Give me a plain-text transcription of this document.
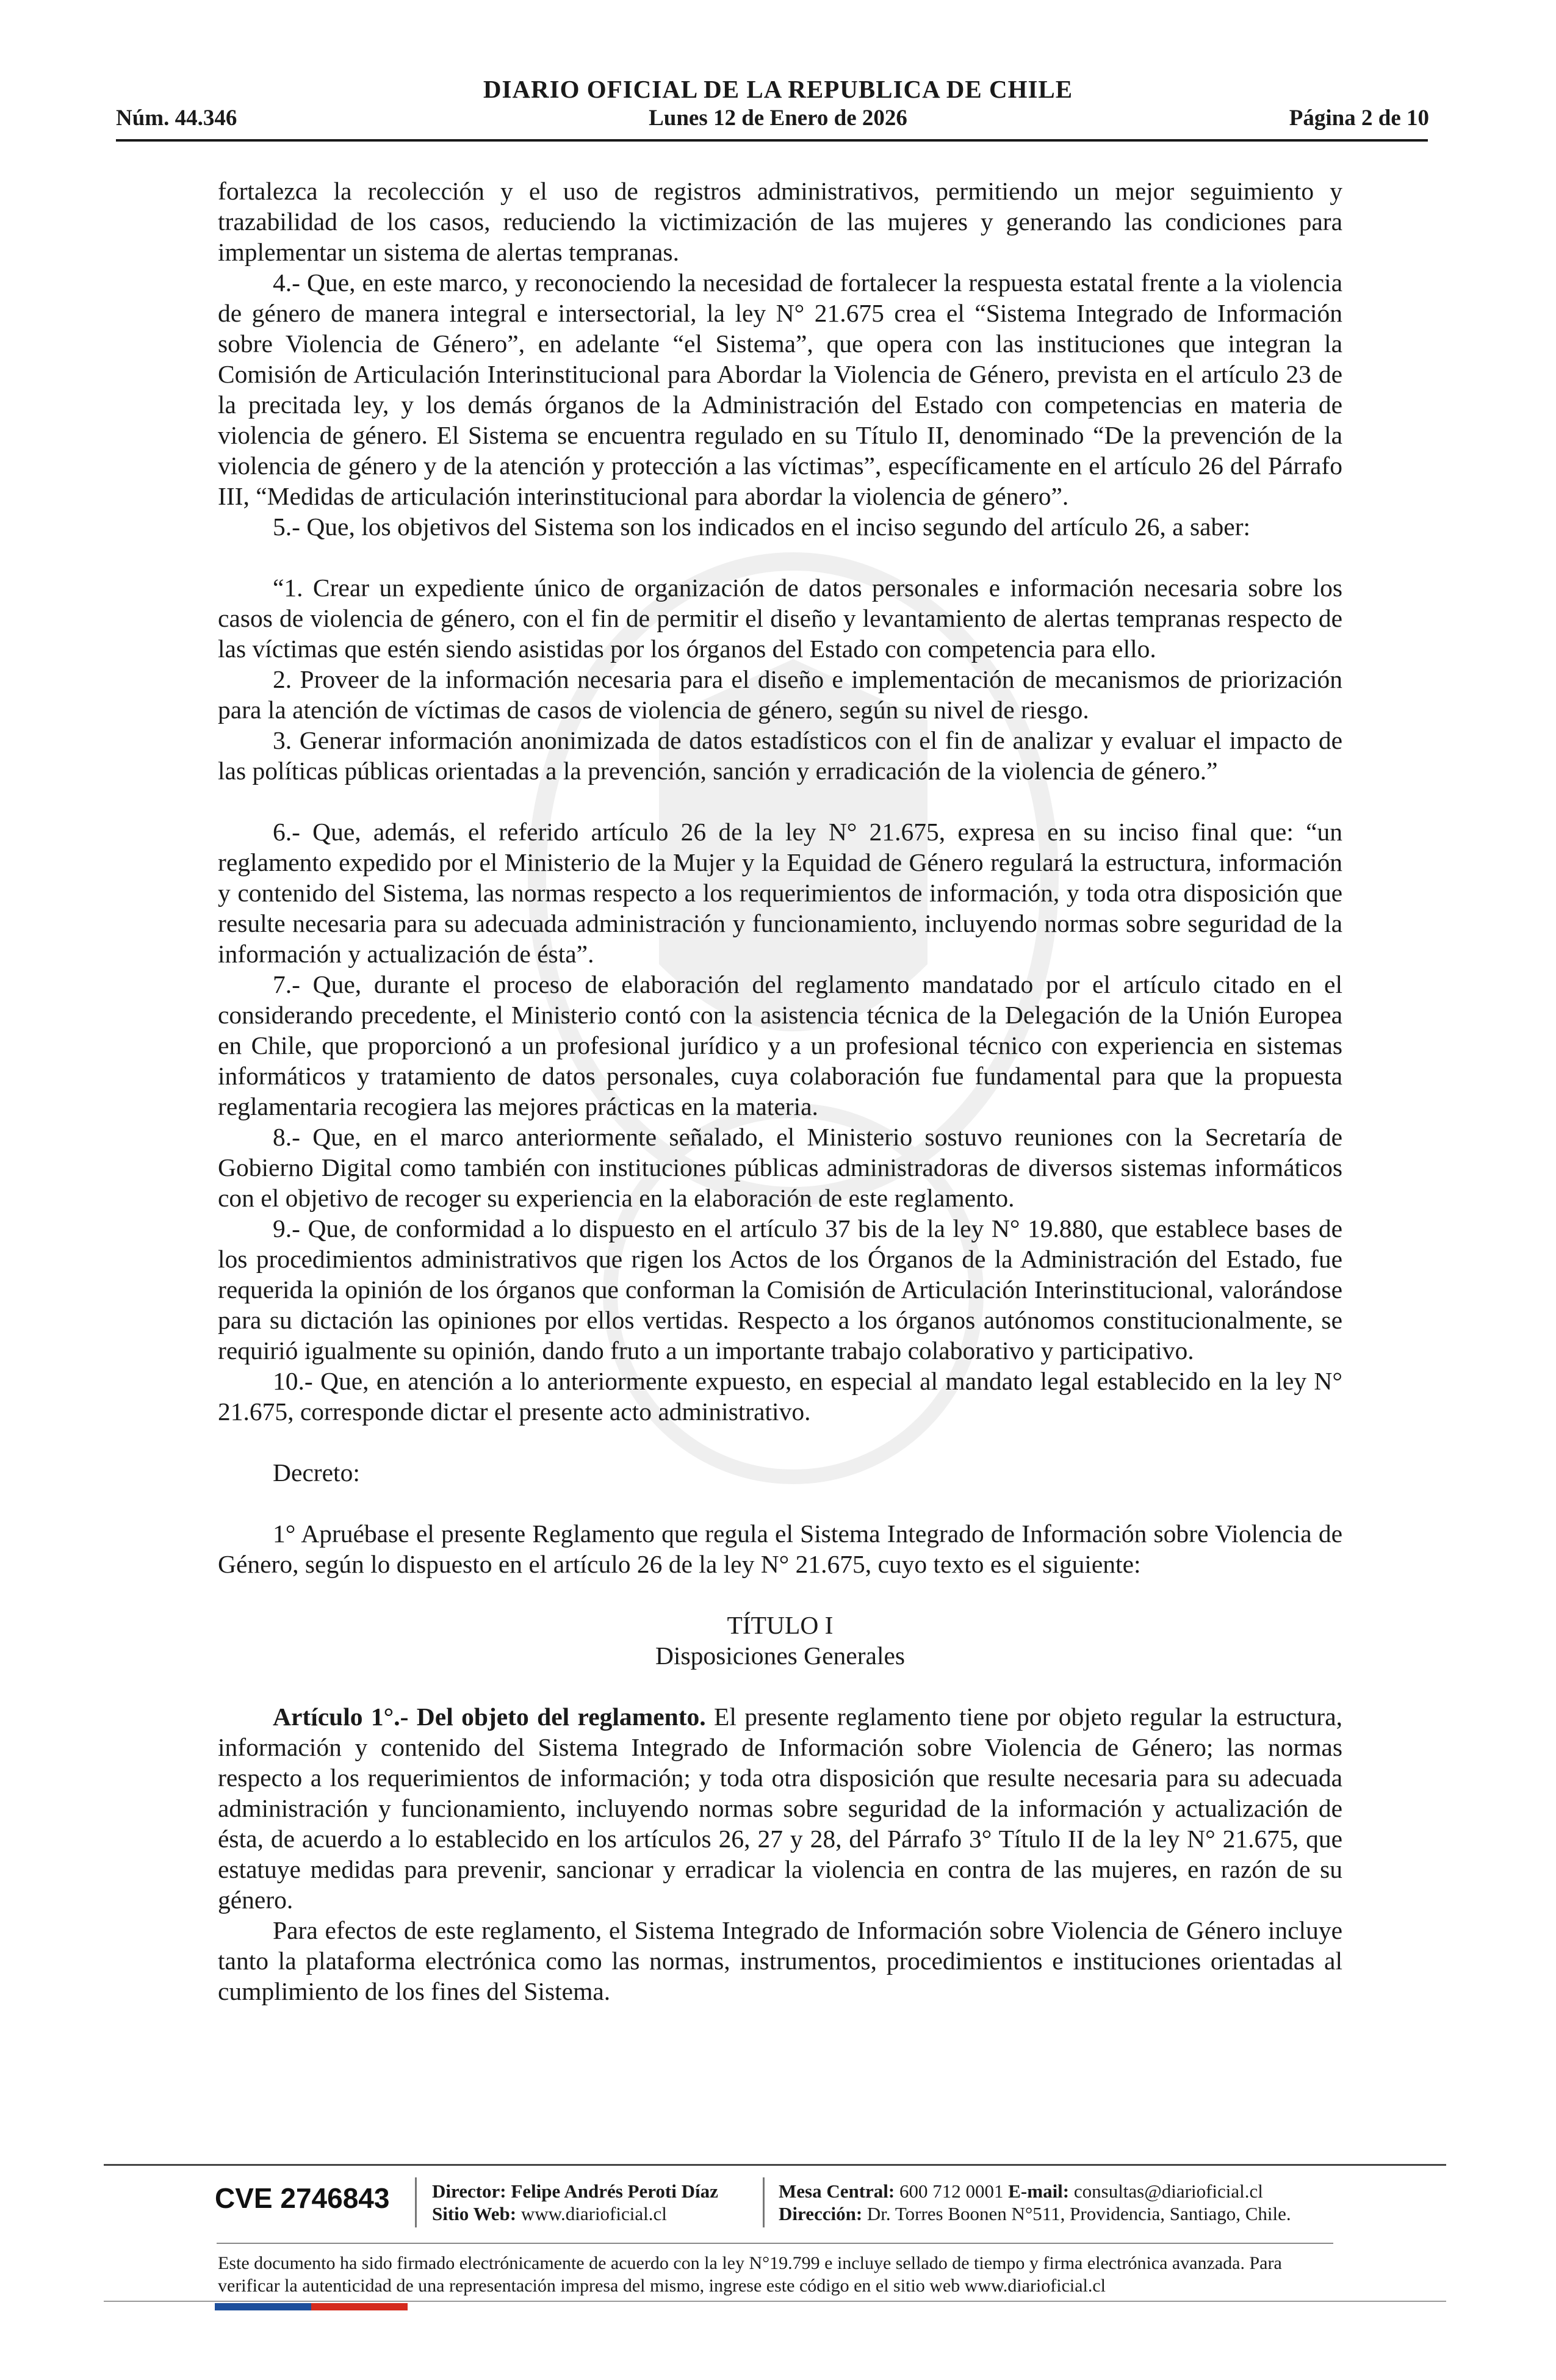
DIARIO OFICIAL DE LA REPUBLICA DE CHILE
Núm. 44.346	Lunes 12 de Enero de 2026	Página 2 de 10

fortalezca la recolección y el uso de registros administrativos, permitiendo un mejor seguimiento y trazabilidad de los casos, reduciendo la victimización de las mujeres y generando las condiciones para implementar un sistema de alertas tempranas.

4.- Que, en este marco, y reconociendo la necesidad de fortalecer la respuesta estatal frente a la violencia de género de manera integral e intersectorial, la ley N° 21.675 crea el “Sistema Integrado de Información sobre Violencia de Género”, en adelante “el Sistema”, que opera con las instituciones que integran la Comisión de Articulación Interinstitucional para Abordar la Violencia de Género, prevista en el artículo 23 de la precitada ley, y los demás órganos de la Administración del Estado con competencias en materia de violencia de género. El Sistema se encuentra regulado en su Título II, denominado “De la prevención de la violencia de género y de la atención y protección a las víctimas”, específicamente en el artículo 26 del Párrafo III, “Medidas de articulación interinstitucional para abordar la violencia de género”.

5.- Que, los objetivos del Sistema son los indicados en el inciso segundo del artículo 26, a saber:

“1. Crear un expediente único de organización de datos personales e información necesaria sobre los casos de violencia de género, con el fin de permitir el diseño y levantamiento de alertas tempranas respecto de las víctimas que estén siendo asistidas por los órganos del Estado con competencia para ello.

2. Proveer de la información necesaria para el diseño e implementación de mecanismos de priorización para la atención de víctimas de casos de violencia de género, según su nivel de riesgo.

3. Generar información anonimizada de datos estadísticos con el fin de analizar y evaluar el impacto de las políticas públicas orientadas a la prevención, sanción y erradicación de la violencia de género.”

6.- Que, además, el referido artículo 26 de la ley N° 21.675, expresa en su inciso final que: “un reglamento expedido por el Ministerio de la Mujer y la Equidad de Género regulará la estructura, información y contenido del Sistema, las normas respecto a los requerimientos de información, y toda otra disposición que resulte necesaria para su adecuada administración y funcionamiento, incluyendo normas sobre seguridad de la información y actualización de ésta”.

7.- Que, durante el proceso de elaboración del reglamento mandatado por el artículo citado en el considerando precedente, el Ministerio contó con la asistencia técnica de la Delegación de la Unión Europea en Chile, que proporcionó a un profesional jurídico y a un profesional técnico con experiencia en sistemas informáticos y tratamiento de datos personales, cuya colaboración fue fundamental para que la propuesta reglamentaria recogiera las mejores prácticas en la materia.

8.- Que, en el marco anteriormente señalado, el Ministerio sostuvo reuniones con la Secretaría de Gobierno Digital como también con instituciones públicas administradoras de diversos sistemas informáticos con el objetivo de recoger su experiencia en la elaboración de este reglamento.

9.- Que, de conformidad a lo dispuesto en el artículo 37 bis de la ley N° 19.880, que establece bases de los procedimientos administrativos que rigen los Actos de los Órganos de la Administración del Estado, fue requerida la opinión de los órganos que conforman la Comisión de Articulación Interinstitucional, valorándose para su dictación las opiniones por ellos vertidas. Respecto a los órganos autónomos constitucionalmente, se requirió igualmente su opinión, dando fruto a un importante trabajo colaborativo y participativo.

10.- Que, en atención a lo anteriormente expuesto, en especial al mandato legal establecido en la ley N° 21.675, corresponde dictar el presente acto administrativo.

Decreto:

1° Apruébase el presente Reglamento que regula el Sistema Integrado de Información sobre Violencia de Género, según lo dispuesto en el artículo 26 de la ley N° 21.675, cuyo texto es el siguiente:

TÍTULO I

Disposiciones Generales

Artículo 1°.- Del objeto del reglamento. El presente reglamento tiene por objeto regular la estructura, información y contenido del Sistema Integrado de Información sobre Violencia de Género; las normas respecto a los requerimientos de información; y toda otra disposición que resulte necesaria para su adecuada administración y funcionamiento, incluyendo normas sobre seguridad de la información y actualización de ésta, de acuerdo a lo establecido en los artículos 26, 27 y 28, del Párrafo 3° Título II de la ley N° 21.675, que estatuye medidas para prevenir, sancionar y erradicar la violencia en contra de las mujeres, en razón de su género.

Para efectos de este reglamento, el Sistema Integrado de Información sobre Violencia de Género incluye tanto la plataforma electrónica como las normas, instrumentos, procedimientos e instituciones orientadas al cumplimiento de los fines del Sistema.

CVE 2746843 Director: Felipe Andrés Peroti Díaz
Sitio Web: www.diarioficial.cl
Mesa Central: 600 712 0001 E-mail: consultas@diarioficial.cl
Dirección: Dr. Torres Boonen N°511, Providencia, Santiago, Chile.
Este documento ha sido firmado electrónicamente de acuerdo con la ley N°19.799 e incluye sellado de tiempo y firma electrónica avanzada. Para verificar la autenticidad de una representación impresa del mismo, ingrese este código en el sitio web www.diarioficial.cl
